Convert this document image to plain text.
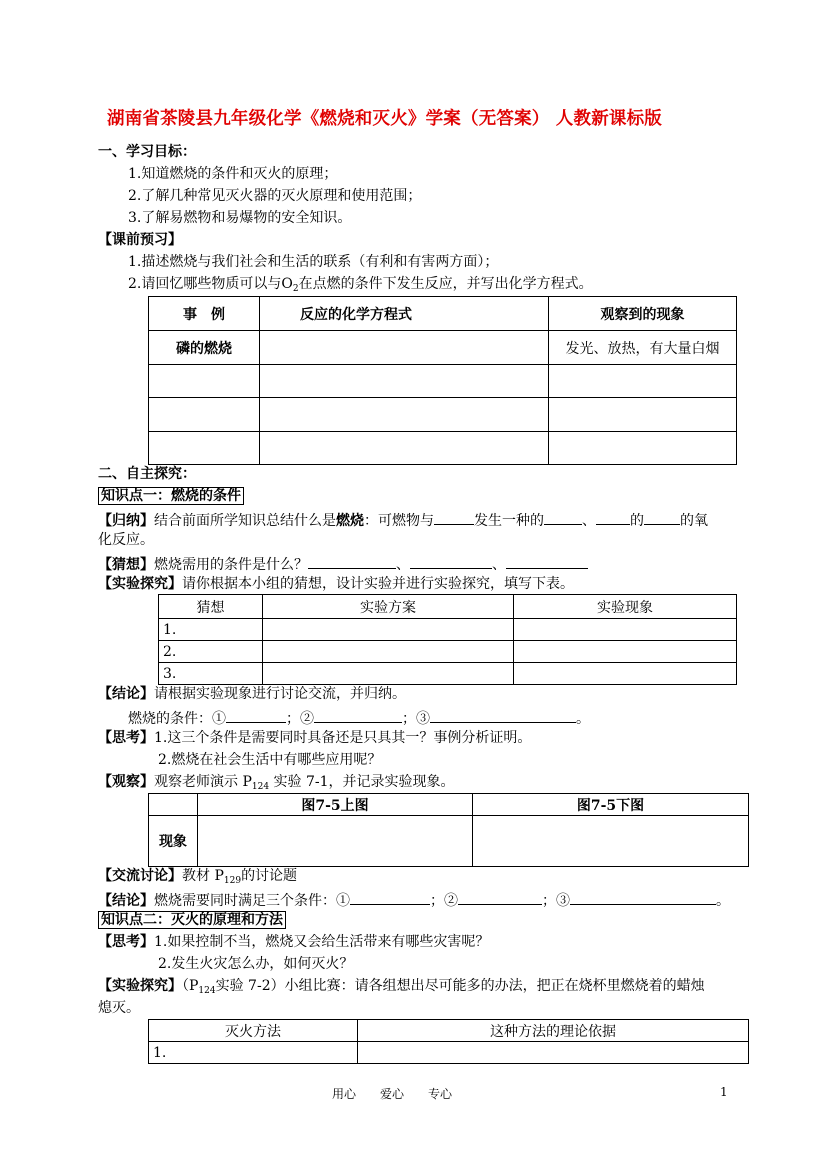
湖南省茶陵县九年级化学《燃烧和灭火》学案（无答案） 人教新课标版
一、学习目标：
1.知道燃烧的条件和灭火的原理；
2.了解几种常见灭火器的灭火原理和使用范围；
3.了解易燃物和易爆物的安全知识。
【课前预习】
1.描述燃烧与我们社会和生活的联系（有利和有害两方面）；
2.请回忆哪些物质可以与$O_2$在点燃的条件下发生反应，并写出化学方程式。
事　例	反应的化学方程式	观察到的现象
磷的燃烧		发光、放热，有大量白烟

二、自主探究：
知识点一：燃烧的条件
【归纳】结合前面所学知识总结什么是燃烧：可燃物与	发生一种的	、 的	的氧
化反应。
【猜想】燃烧需用的条件是什么？	、	、
【实验探究】请你根据本小组的猜想，设计实验并进行实验探究，填写下表。
猜想	实验方案	实验现象
1.		
2.		
3.		
【结论】请根据实验现象进行讨论交流，并归纳。
燃烧的条件：①	；②	；③	。
【思考】1.这三个条件是需要同时具备还是只具其一？事例分析证明。
2.燃烧在社会生活中有哪些应用呢？
【观察】观察老师演示 $P_{124}$ 实验 7-1，并记录实验现象。
	图7-5上图	图7-5下图
现象		
【交流讨论】教材 $P_{129}$的讨论题
【结论】燃烧需要同时满足三个条件：①	；②	；③	。
知识点二：灭火的原理和方法
【思考】1.如果控制不当，燃烧又会给生活带来有哪些灾害呢？
2.发生火灾怎么办，如何灭火？
【实验探究】（$P_{124}$实验 7-2）小组比赛：请各组想出尽可能多的办法，把正在烧杯里燃烧着的蜡烛
熄灭。
灭火方法	这种方法的理论依据
1.	
用心　　爱心　　专心	1
